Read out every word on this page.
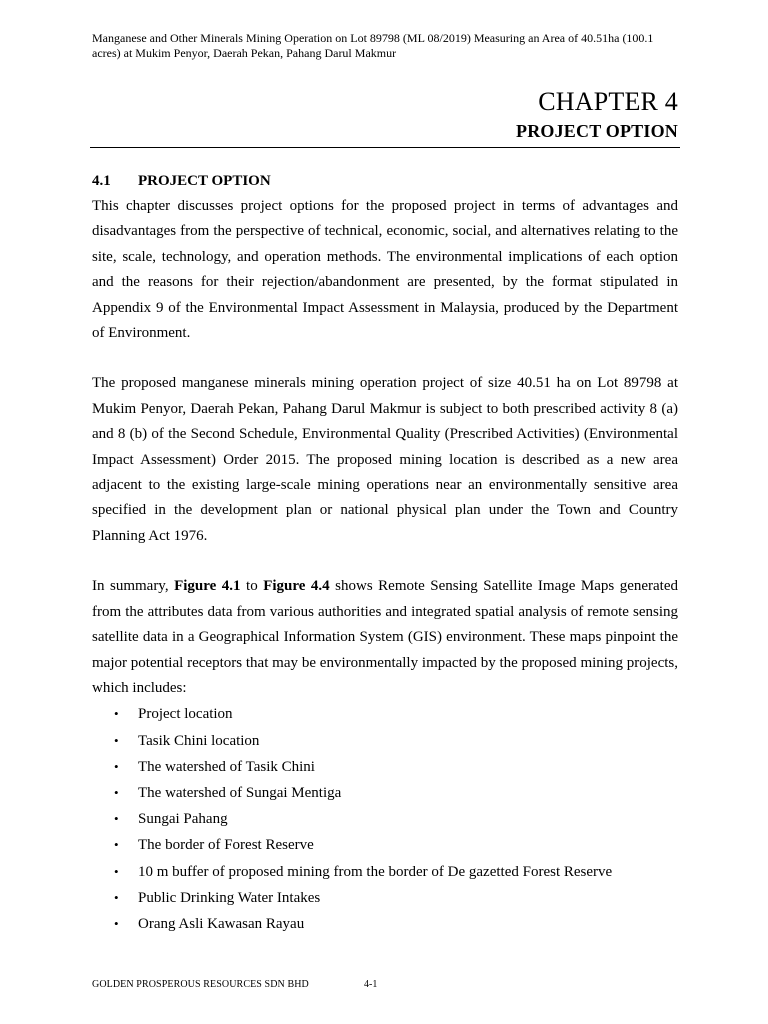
Manganese and Other Minerals Mining Operation on Lot 89798 (ML 08/2019) Measuring an Area of 40.51ha (100.1 acres) at Mukim Penyor, Daerah Pekan, Pahang Darul Makmur
CHAPTER 4
PROJECT OPTION
4.1	PROJECT OPTION

This chapter discusses project options for the proposed project in terms of advantages and disadvantages from the perspective of technical, economic, social, and alternatives relating to the site, scale, technology, and operation methods. The environmental implications of each option and the reasons for their rejection/abandonment are presented, by the format stipulated in Appendix 9 of the Environmental Impact Assessment in Malaysia, produced by the Department of Environment.

The proposed manganese minerals mining operation project of size 40.51 ha on Lot 89798 at Mukim Penyor, Daerah Pekan, Pahang Darul Makmur is subject to both prescribed activity 8 (a) and 8 (b) of the Second Schedule, Environmental Quality (Prescribed Activities) (Environmental Impact Assessment) Order 2015. The proposed mining location is described as a new area adjacent to the existing large-scale mining operations near an environmentally sensitive area specified in the development plan or national physical plan under the Town and Country Planning Act 1976.

In summary, Figure 4.1 to Figure 4.4 shows Remote Sensing Satellite Image Maps generated from the attributes data from various authorities and integrated spatial analysis of remote sensing satellite data in a Geographical Information System (GIS) environment. These maps pinpoint the major potential receptors that may be environmentally impacted by the proposed mining projects, which includes:

•	Project location
•	Tasik Chini location
•	The watershed of Tasik Chini
•	The watershed of Sungai Mentiga
•	Sungai Pahang
•	The border of Forest Reserve
•	10 m buffer of proposed mining from the border of De gazetted Forest Reserve
•	Public Drinking Water Intakes
•	Orang Asli Kawasan Rayau
GOLDEN PROSPEROUS RESOURCES SDN BHD	4-1
